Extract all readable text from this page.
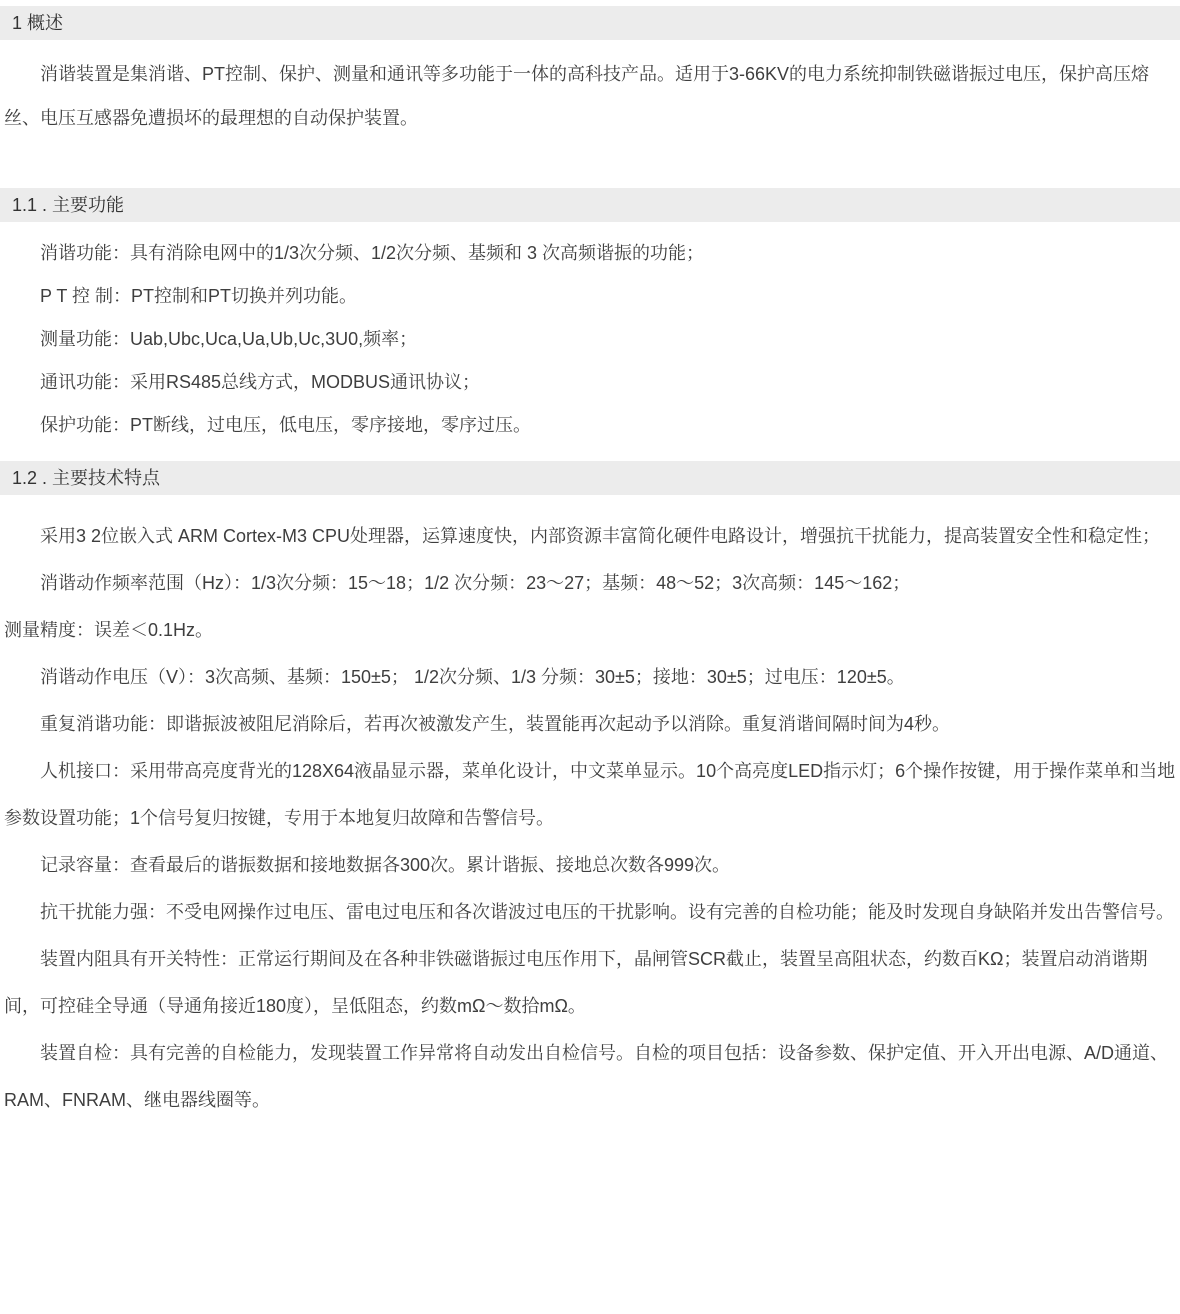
1 概述

消谐装置是集消谐、PT控制、保护、测量和通讯等多功能于一体的高科技产品。适用于3-66KV的电力系统抑制铁磁谐振过电压，保护高压熔丝、电压互感器免遭损坏的最理想的自动保护装置。

1.1 . 主要功能
消谐功能：具有消除电网中的1/3次分频、1/2次分频、基频和 3 次高频谐振的功能；
P T 控 制：PT控制和PT切换并列功能。
测量功能：Uab,Ubc,Uca,Ua,Ub,Uc,3U0,频率；
通讯功能：采用RS485总线方式，MODBUS通讯协议；
保护功能：PT断线，过电压，低电压，零序接地，零序过压。
1.2 . 主要技术特点

采用3 2位嵌入式 ARM Cortex-M3 CPU处理器，运算速度快，内部资源丰富简化硬件电路设计，增强抗干扰能力，提高装置安全性和稳定性；

消谐动作频率范围（Hz）：1/3次分频：15～18；1/2 次分频：23～27；基频：48～52；3次高频：145～162；

测量精度：误差＜0.1Hz。

消谐动作电压（V）：3次高频、基频：150±5； 1/2次分频、1/3 分频：30±5；接地：30±5；过电压：120±5。

重复消谐功能：即谐振波被阻尼消除后，若再次被激发产生，装置能再次起动予以消除。重复消谐间隔时间为4秒。

人机接口：采用带高亮度背光的128X64液晶显示器，菜单化设计，中文菜单显示。10个高亮度LED指示灯；6个操作按键，用于操作菜单和当地参数设置功能；1个信号复归按键，专用于本地复归故障和告警信号。

记录容量：查看最后的谐振数据和接地数据各300次。累计谐振、接地总次数各999次。

抗干扰能力强：不受电网操作过电压、雷电过电压和各次谐波过电压的干扰影响。设有完善的自检功能；能及时发现自身缺陷并发出告警信号。

装置内阻具有开关特性：正常运行期间及在各种非铁磁谐振过电压作用下，晶闸管SCR截止，装置呈高阻状态，约数百KΩ；装置启动消谐期间，可控硅全导通（导通角接近180度），呈低阻态，约数mΩ～数拾mΩ。

装置自检：具有完善的自检能力，发现装置工作异常将自动发出自检信号。自检的项目包括：设备参数、保护定值、开入开出电源、A/D通道、RAM、FNRAM、继电器线圈等。
